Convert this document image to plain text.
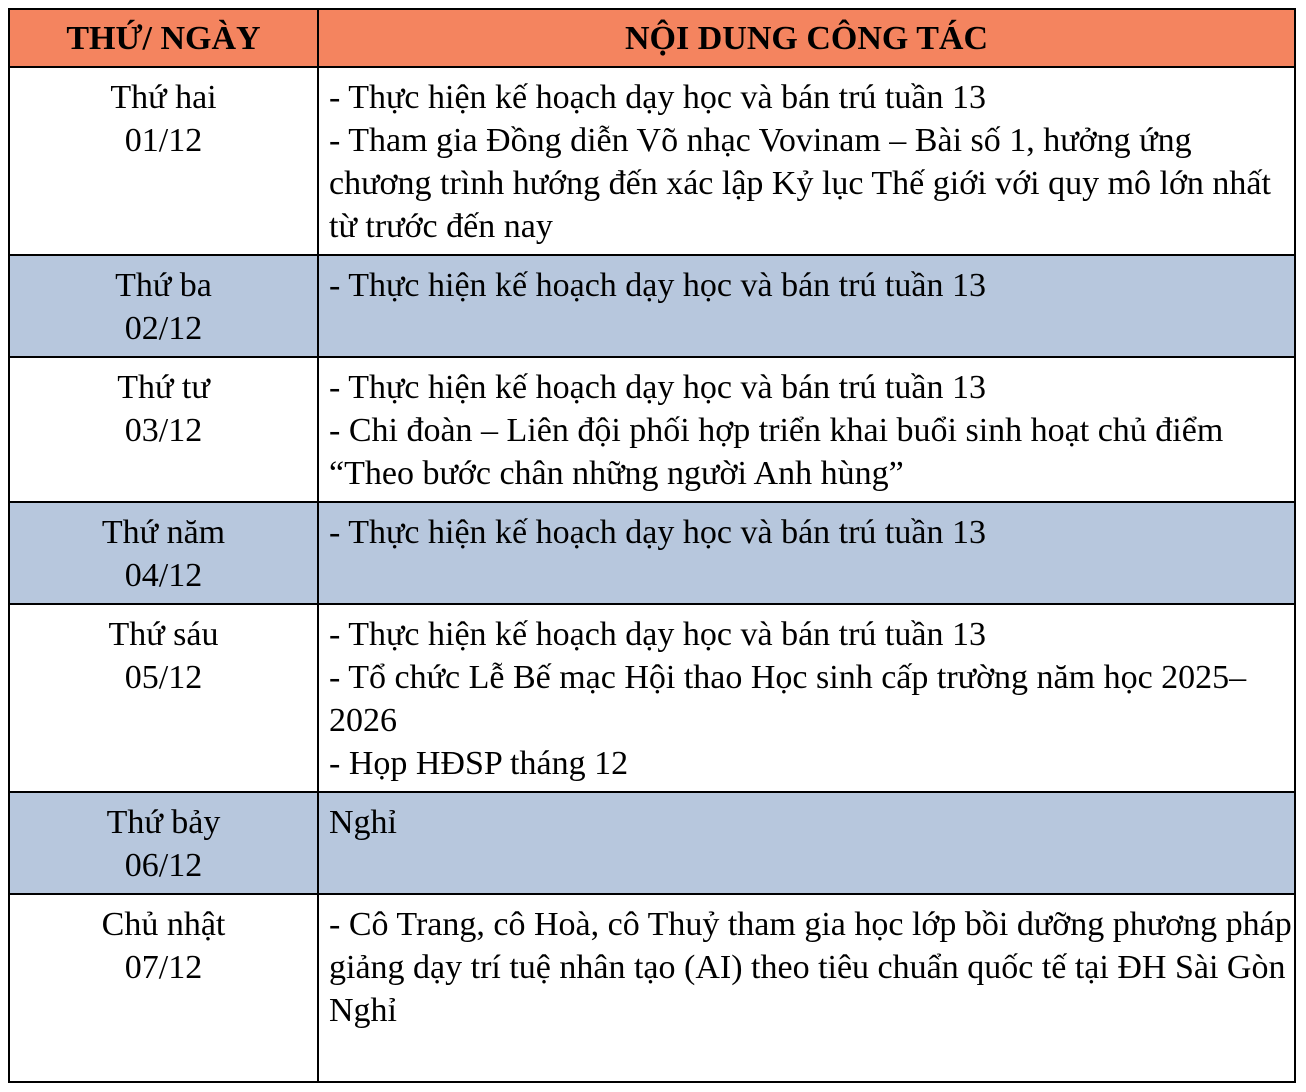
THỨ/ NGÀY	NỘI DUNG CÔNG TÁC

Thứ hai
01/12	- Thực hiện kế hoạch dạy học và bán trú tuần 13
- Tham gia Đồng diễn Võ nhạc Vovinam – Bài số 1, hưởng ứng chương trình hướng đến xác lập Kỷ lục Thế giới với quy mô lớn nhất từ trước đến nay

Thứ ba
02/12	- Thực hiện kế hoạch dạy học và bán trú tuần 13

Thứ tư
03/12	- Thực hiện kế hoạch dạy học và bán trú tuần 13
- Chi đoàn – Liên đội phối hợp triển khai buổi sinh hoạt chủ điểm “Theo bước chân những người Anh hùng”

Thứ năm
04/12	- Thực hiện kế hoạch dạy học và bán trú tuần 13

Thứ sáu
05/12	- Thực hiện kế hoạch dạy học và bán trú tuần 13
- Tổ chức Lễ Bế mạc Hội thao Học sinh cấp trường năm học 2025–2026
- Họp HĐSP tháng 12

Thứ bảy
06/12	Nghỉ

Chủ nhật
07/12	- Cô Trang, cô Hoà, cô Thuỷ tham gia học lớp bồi dưỡng phương pháp giảng dạy trí tuệ nhân tạo (AI) theo tiêu chuẩn quốc tế tại ĐH Sài Gòn
Nghỉ
